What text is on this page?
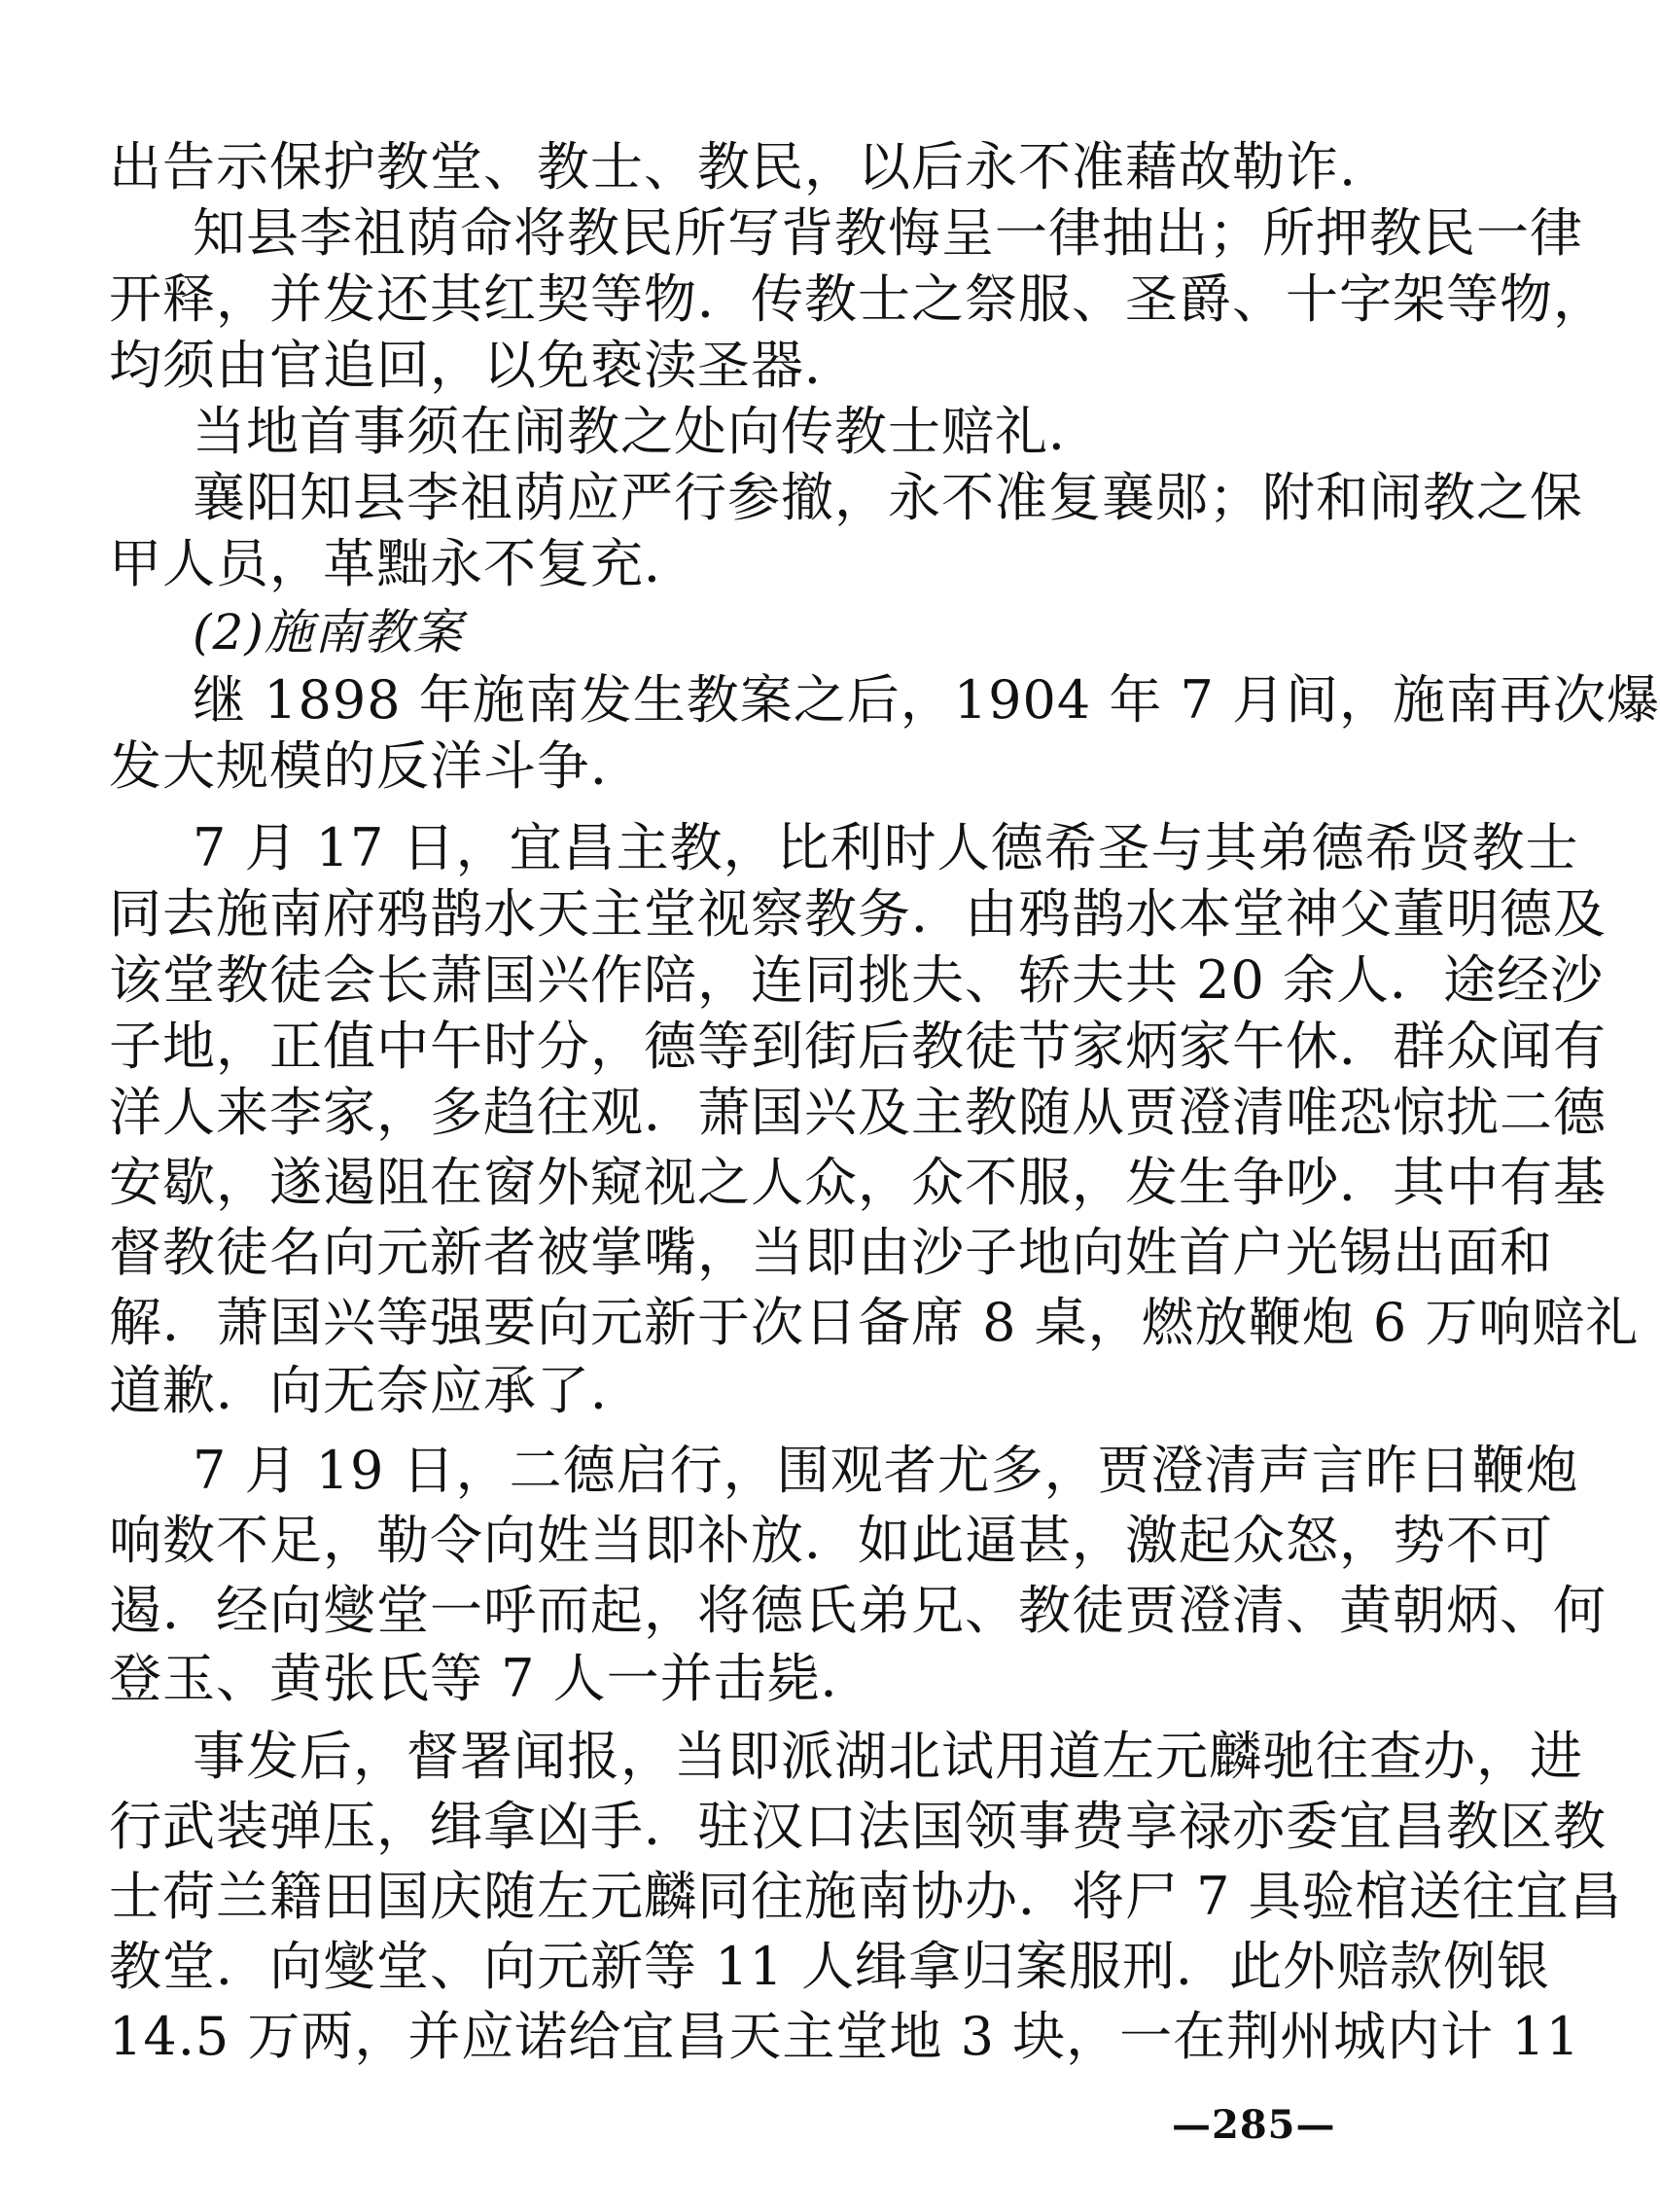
出告示保护教堂、教士、教民，以后永不准藉故勒诈.
知县李祖荫命将教民所写背教悔呈一律抽出；所押教民一律
开释，并发还其红契等物．传教士之祭服、圣爵、十字架等物，
均须由官追回，以免亵渎圣器．
当地首事须在闹教之处向传教士赔礼．
襄阳知县李祖荫应严行参撤，永不准复襄郧；附和闹教之保
甲人员，革黜永不复充．
(2)施南教案
继 1898 年施南发生教案之后，1904 年 7 月间，施南再次爆
发大规模的反洋斗争．
7 月 17 日，宜昌主教，比利时人德希圣与其弟德希贤教士
同去施南府鸦鹊水天主堂视察教务．由鸦鹊水本堂神父董明德及
该堂教徒会长萧国兴作陪，连同挑夫、轿夫共 20 余人．途经沙
子地，正值中午时分，德等到街后教徒节家炳家午休．群众闻有
洋人来李家，多趋往观．萧国兴及主教随从贾澄清唯恐惊扰二德
安歇，遂遏阻在窗外窥视之人众，众不服，发生争吵．其中有基
督教徒名向元新者被掌嘴，当即由沙子地向姓首户光锡出面和
解．萧国兴等强要向元新于次日备席 8 桌，燃放鞭炮 6 万响赔礼
道歉．向无奈应承了．
7 月 19 日，二德启行，围观者尤多，贾澄清声言昨日鞭炮
响数不足，勒令向姓当即补放．如此逼甚，激起众怒，势不可
遏．经向燮堂一呼而起，将德氏弟兄、教徒贾澄清、黄朝炳、何
登玉、黄张氏等 7 人一并击毙．
事发后，督署闻报，当即派湖北试用道左元麟驰往查办，进
行武装弹压，缉拿凶手．驻汉口法国领事费享禄亦委宜昌教区教
士荷兰籍田国庆随左元麟同往施南协办．将尸 7 具验棺送往宜昌
教堂．向燮堂、向元新等 11 人缉拿归案服刑．此外赔款例银
14.5 万两，并应诺给宜昌天主堂地 3 块，一在荆州城内计 11
—285—
